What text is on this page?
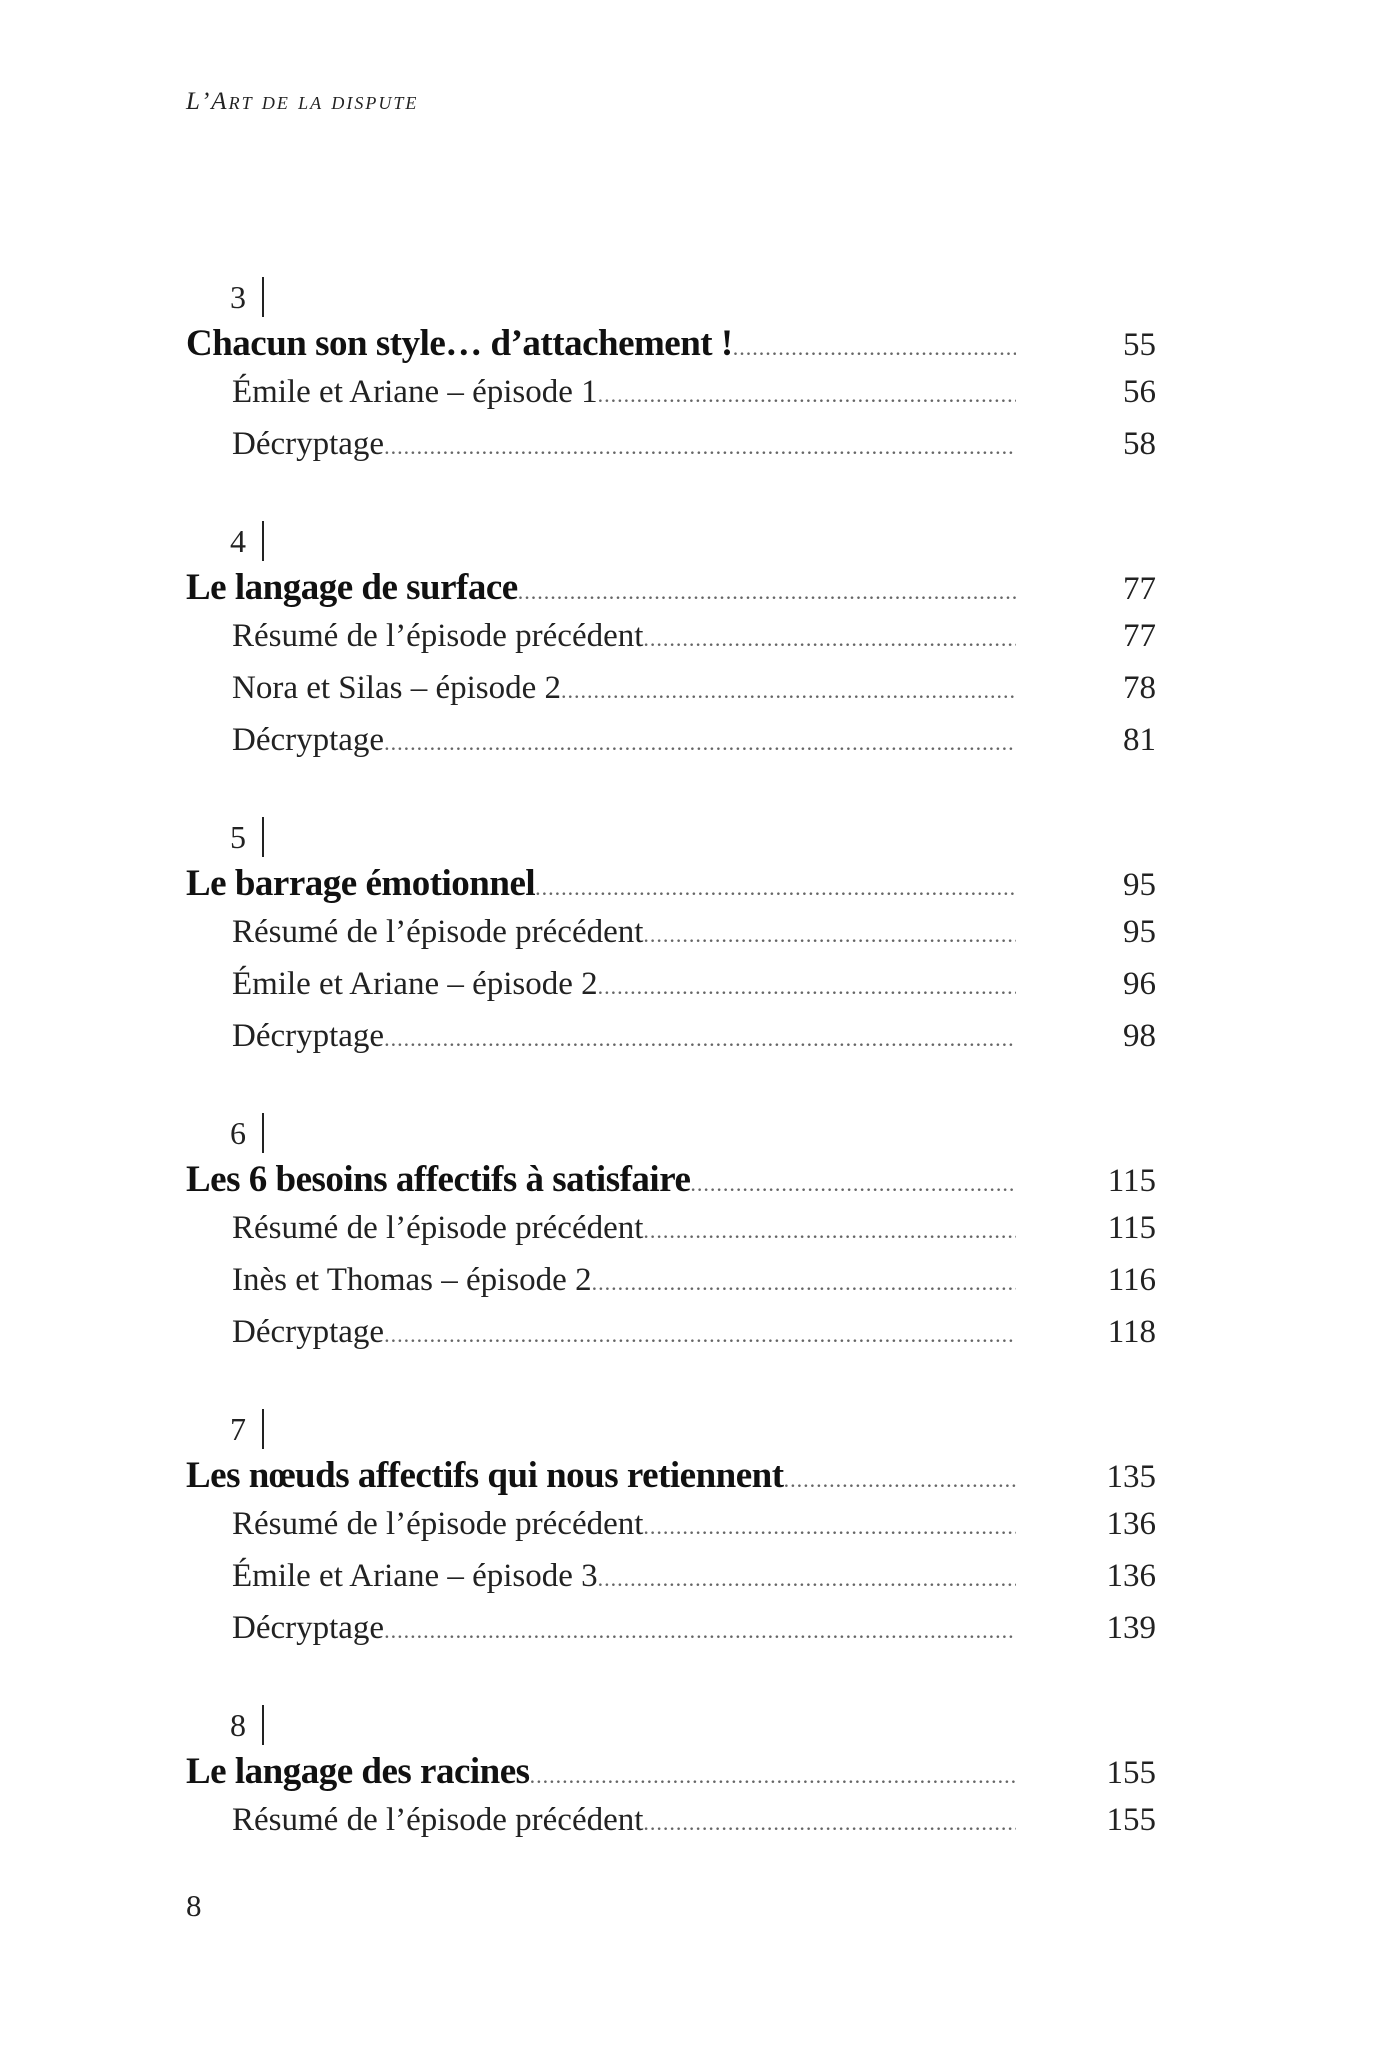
L’Art de la dispute
3
Chacun son style… d’attachement ! .....	55
Émile et Ariane – épisode 1 .....	56
Décryptage .....	58
4
Le langage de surface .....	77
Résumé de l’épisode précédent .....	77
Nora et Silas – épisode 2 .....	78
Décryptage .....	81
5
Le barrage émotionnel .....	95
Résumé de l’épisode précédent .....	95
Émile et Ariane – épisode 2 .....	96
Décryptage .....	98
6
Les 6 besoins affectifs à satisfaire .....	115
Résumé de l’épisode précédent .....	115
Inès et Thomas – épisode 2 .....	116
Décryptage .....	118
7
Les nœuds affectifs qui nous retiennent .....	135
Résumé de l’épisode précédent .....	136
Émile et Ariane – épisode 3 .....	136
Décryptage .....	139
8
Le langage des racines .....	155
Résumé de l’épisode précédent .....	155
8
